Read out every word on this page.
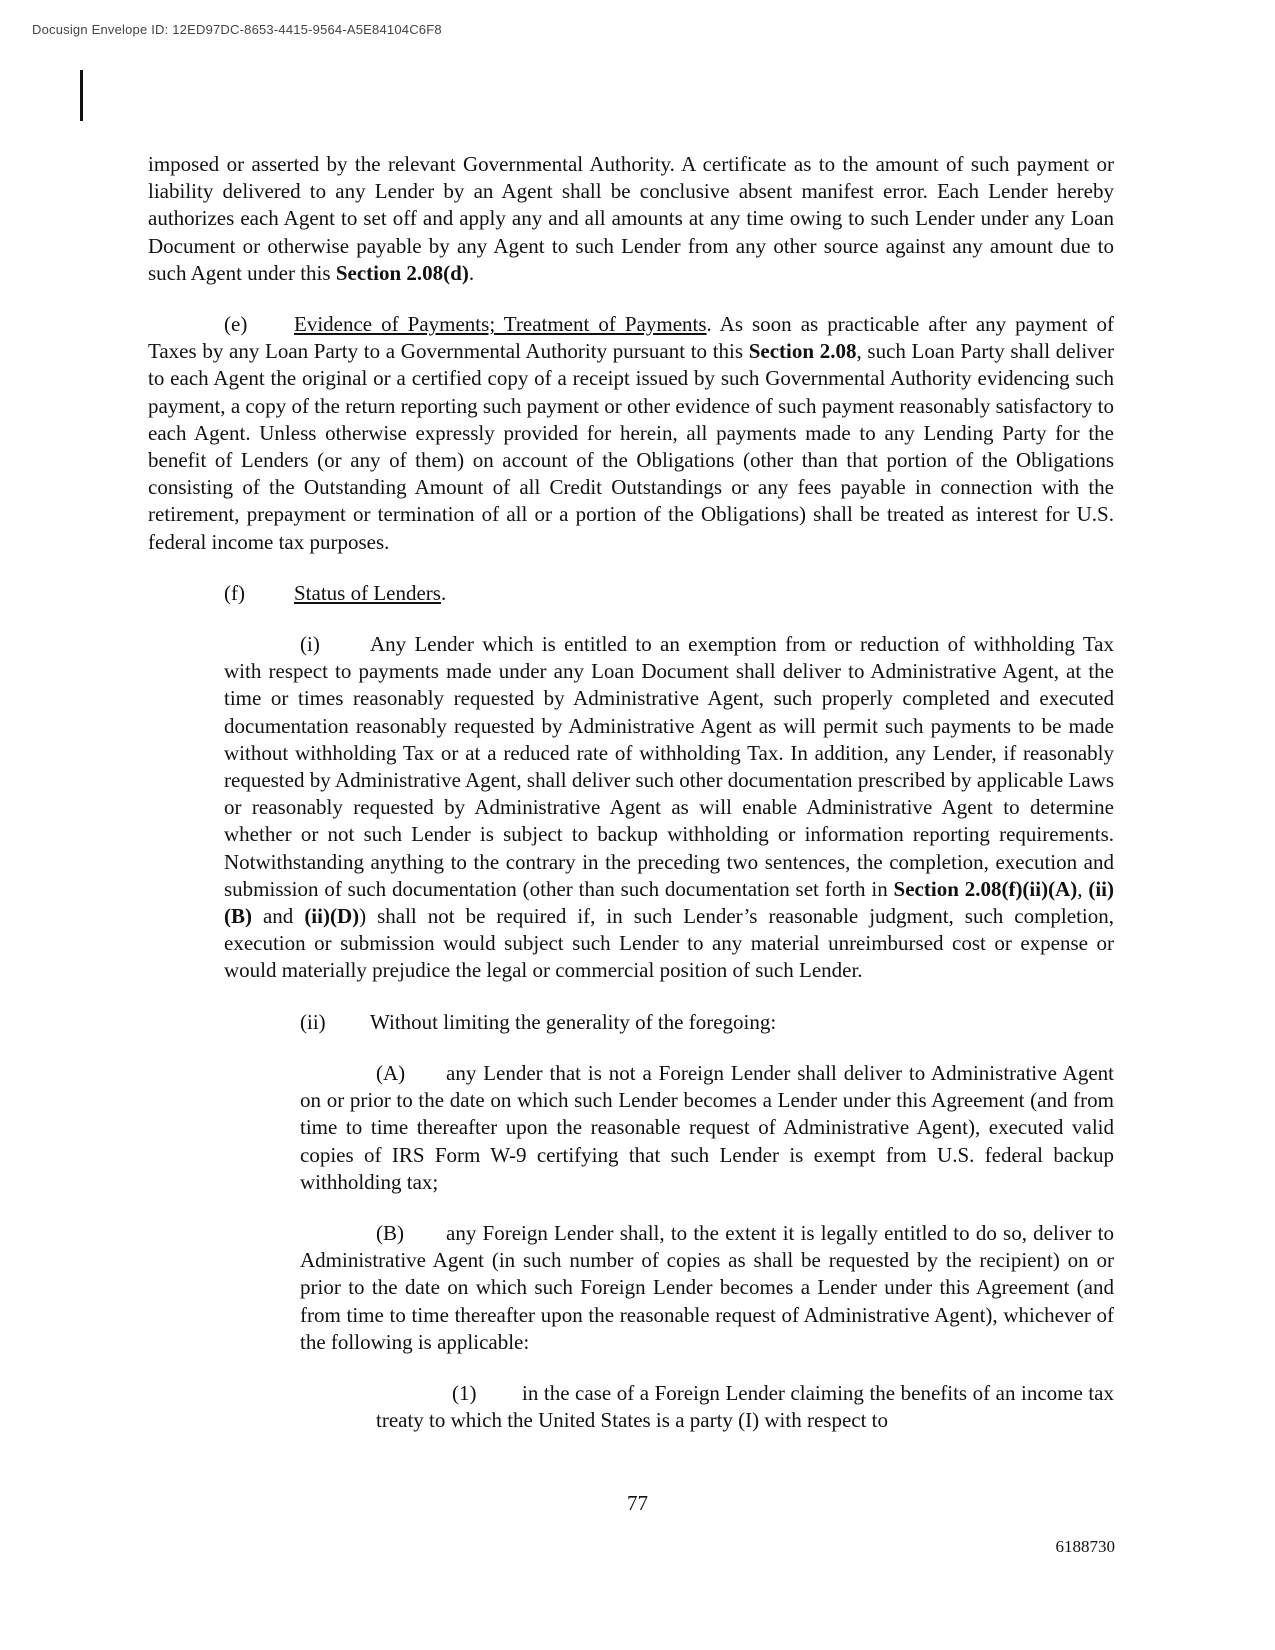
Docusign Envelope ID: 12ED97DC-8653-4415-9564-A5E84104C6F8

imposed or asserted by the relevant Governmental Authority. A certificate as to the amount of such payment or liability delivered to any Lender by an Agent shall be conclusive absent manifest error. Each Lender hereby authorizes each Agent to set off and apply any and all amounts at any time owing to such Lender under any Loan Document or otherwise payable by any Agent to such Lender from any other source against any amount due to such Agent under this Section 2.08(d).

(e) Evidence of Payments; Treatment of Payments. As soon as practicable after any payment of Taxes by any Loan Party to a Governmental Authority pursuant to this Section 2.08, such Loan Party shall deliver to each Agent the original or a certified copy of a receipt issued by such Governmental Authority evidencing such payment, a copy of the return reporting such payment or other evidence of such payment reasonably satisfactory to each Agent. Unless otherwise expressly provided for herein, all payments made to any Lending Party for the benefit of Lenders (or any of them) on account of the Obligations (other than that portion of the Obligations consisting of the Outstanding Amount of all Credit Outstandings or any fees payable in connection with the retirement, prepayment or termination of all or a portion of the Obligations) shall be treated as interest for U.S. federal income tax purposes.

(f) Status of Lenders.

(i) Any Lender which is entitled to an exemption from or reduction of withholding Tax with respect to payments made under any Loan Document shall deliver to Administrative Agent, at the time or times reasonably requested by Administrative Agent, such properly completed and executed documentation reasonably requested by Administrative Agent as will permit such payments to be made without withholding Tax or at a reduced rate of withholding Tax. In addition, any Lender, if reasonably requested by Administrative Agent, shall deliver such other documentation prescribed by applicable Laws or reasonably requested by Administrative Agent as will enable Administrative Agent to determine whether or not such Lender is subject to backup withholding or information reporting requirements. Notwithstanding anything to the contrary in the preceding two sentences, the completion, execution and submission of such documentation (other than such documentation set forth in Section 2.08(f)(ii)(A), (ii)(B) and (ii)(D)) shall not be required if, in such Lender’s reasonable judgment, such completion, execution or submission would subject such Lender to any material unreimbursed cost or expense or would materially prejudice the legal or commercial position of such Lender.

(ii) Without limiting the generality of the foregoing:

(A) any Lender that is not a Foreign Lender shall deliver to Administrative Agent on or prior to the date on which such Lender becomes a Lender under this Agreement (and from time to time thereafter upon the reasonable request of Administrative Agent), executed valid copies of IRS Form W-9 certifying that such Lender is exempt from U.S. federal backup withholding tax;

(B) any Foreign Lender shall, to the extent it is legally entitled to do so, deliver to Administrative Agent (in such number of copies as shall be requested by the recipient) on or prior to the date on which such Foreign Lender becomes a Lender under this Agreement (and from time to time thereafter upon the reasonable request of Administrative Agent), whichever of the following is applicable:

(1) in the case of a Foreign Lender claiming the benefits of an income tax treaty to which the United States is a party (I) with respect to

77
6188730
